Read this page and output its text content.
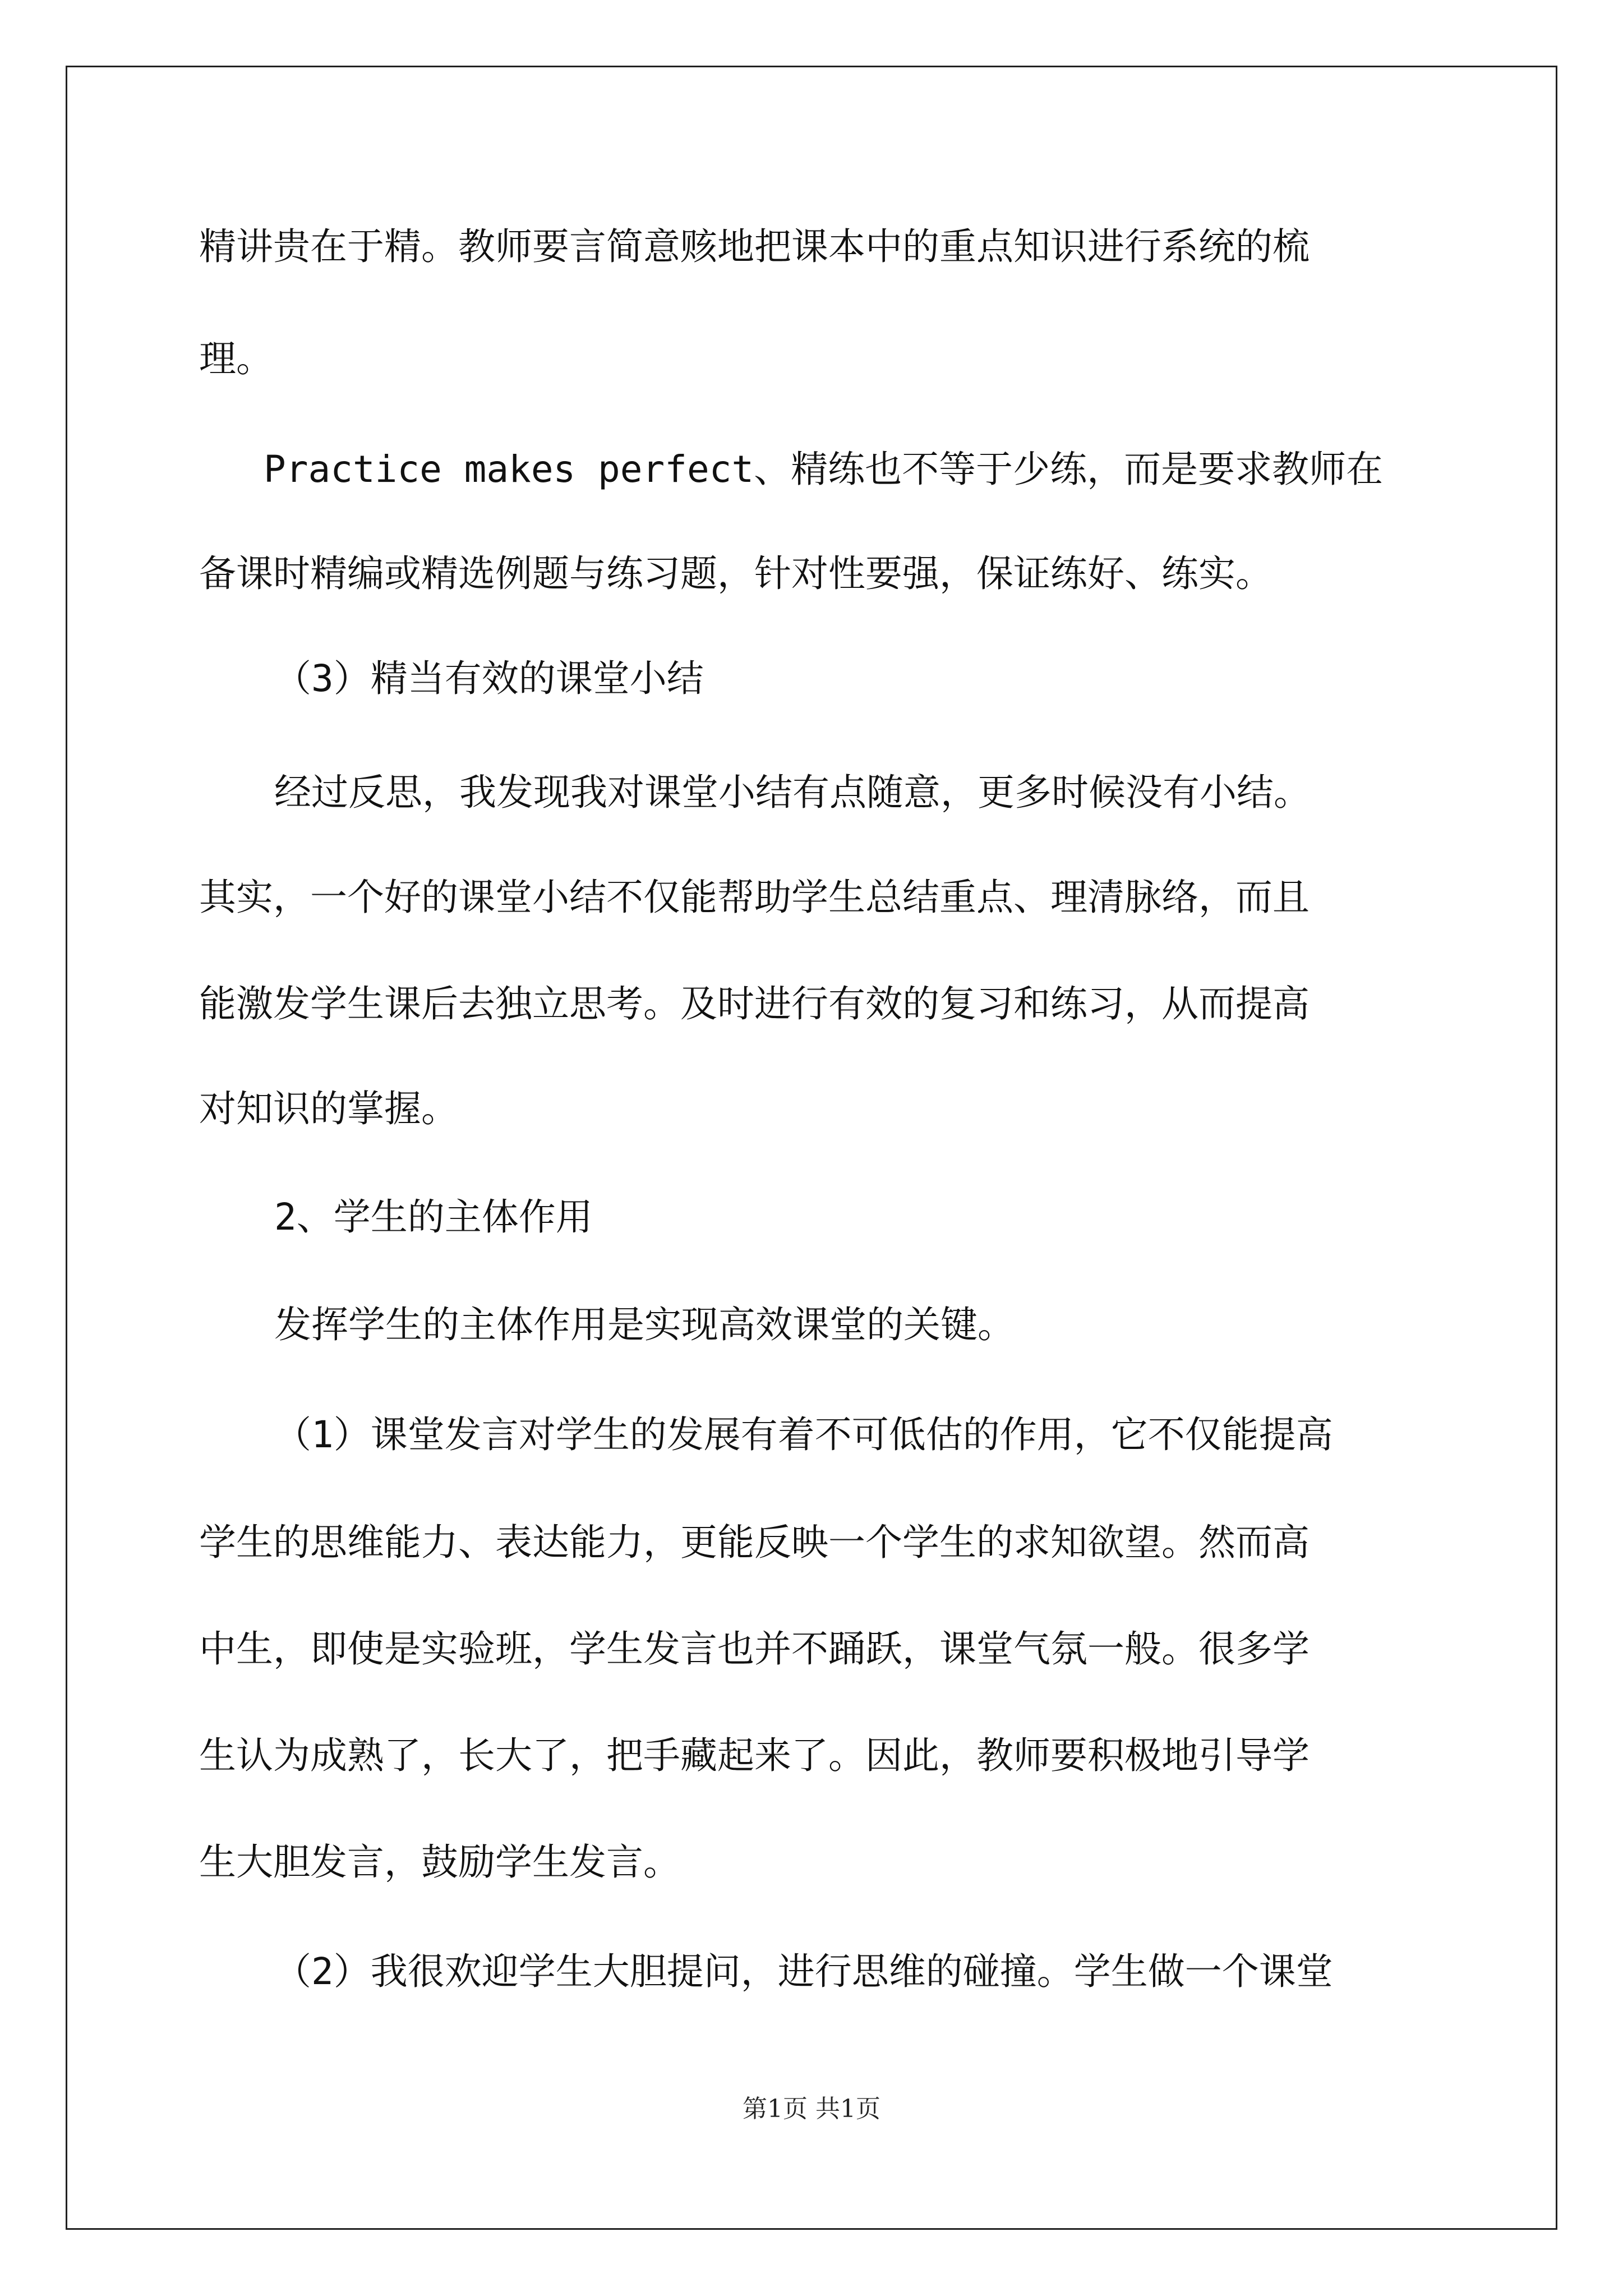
精讲贵在于精。教师要言简意赅地把课本中的重点知识进行系统的梳
理。
Practice makes perfect、精练也不等于少练，而是要求教师在
备课时精编或精选例题与练习题，针对性要强，保证练好、练实。
（3）精当有效的课堂小结
经过反思，我发现我对课堂小结有点随意，更多时候没有小结。
其实，一个好的课堂小结不仅能帮助学生总结重点、理清脉络，而且
能激发学生课后去独立思考。及时进行有效的复习和练习，从而提高
对知识的掌握。
2、学生的主体作用
发挥学生的主体作用是实现高效课堂的关键。
（1）课堂发言对学生的发展有着不可低估的作用，它不仅能提高
学生的思维能力、表达能力，更能反映一个学生的求知欲望。然而高
中生，即使是实验班，学生发言也并不踊跃，课堂气氛一般。很多学
生认为成熟了，长大了，把手藏起来了。因此，教师要积极地引导学
生大胆发言，鼓励学生发言。
（2）我很欢迎学生大胆提问，进行思维的碰撞。学生做一个课堂
第1页 共1页
